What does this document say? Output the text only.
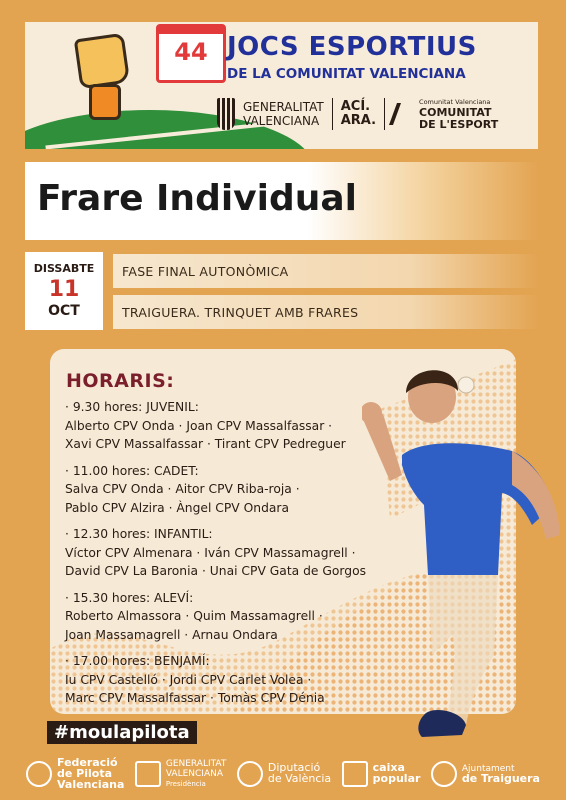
44 JOCS ESPORTIUS
DE LA COMUNITAT VALENCIANA
GENERALITAT
VALENCIANA
ACÍ.
ARA.
Comunitat Valenciana
COMUNITAT
DE L'ESPORT
Frare Individual
DISSABTE
11
OCT
FASE FINAL AUTONÒMICA
TRAIGUERA. TRINQUET AMB FRARES
HORARIS:
· 9.30 hores: JUVENIL:
Alberto CPV Onda · Joan CPV Massalfassar ·
Xavi CPV Massalfassar · Tirant CPV Pedreguer
· 11.00 hores: CADET:
Salva CPV Onda · Aitor CPV Riba-roja ·
Pablo CPV Alzira · Àngel CPV Ondara
· 12.30 hores: INFANTIL:
Víctor CPV Almenara · Iván CPV Massamagrell ·
David CPV La Baronia · Unai CPV Gata de Gorgos
· 15.30 hores: ALEVÍ:
Roberto Almassora · Quim Massamagrell ·
Joan Massamagrell · Arnau Ondara
· 17.00 hores: BENJAMÍ:
Iu CPV Castelló · Jordi CPV Carlet Volea ·
Marc CPV Massalfassar · Tomàs CPV Dénia
#moulapilota
Federació
de Pilota
Valenciana
GENERALITAT
VALENCIANA
Presidència
Diputació
de València
caixa
popular
Ajuntament
de Traiguera
